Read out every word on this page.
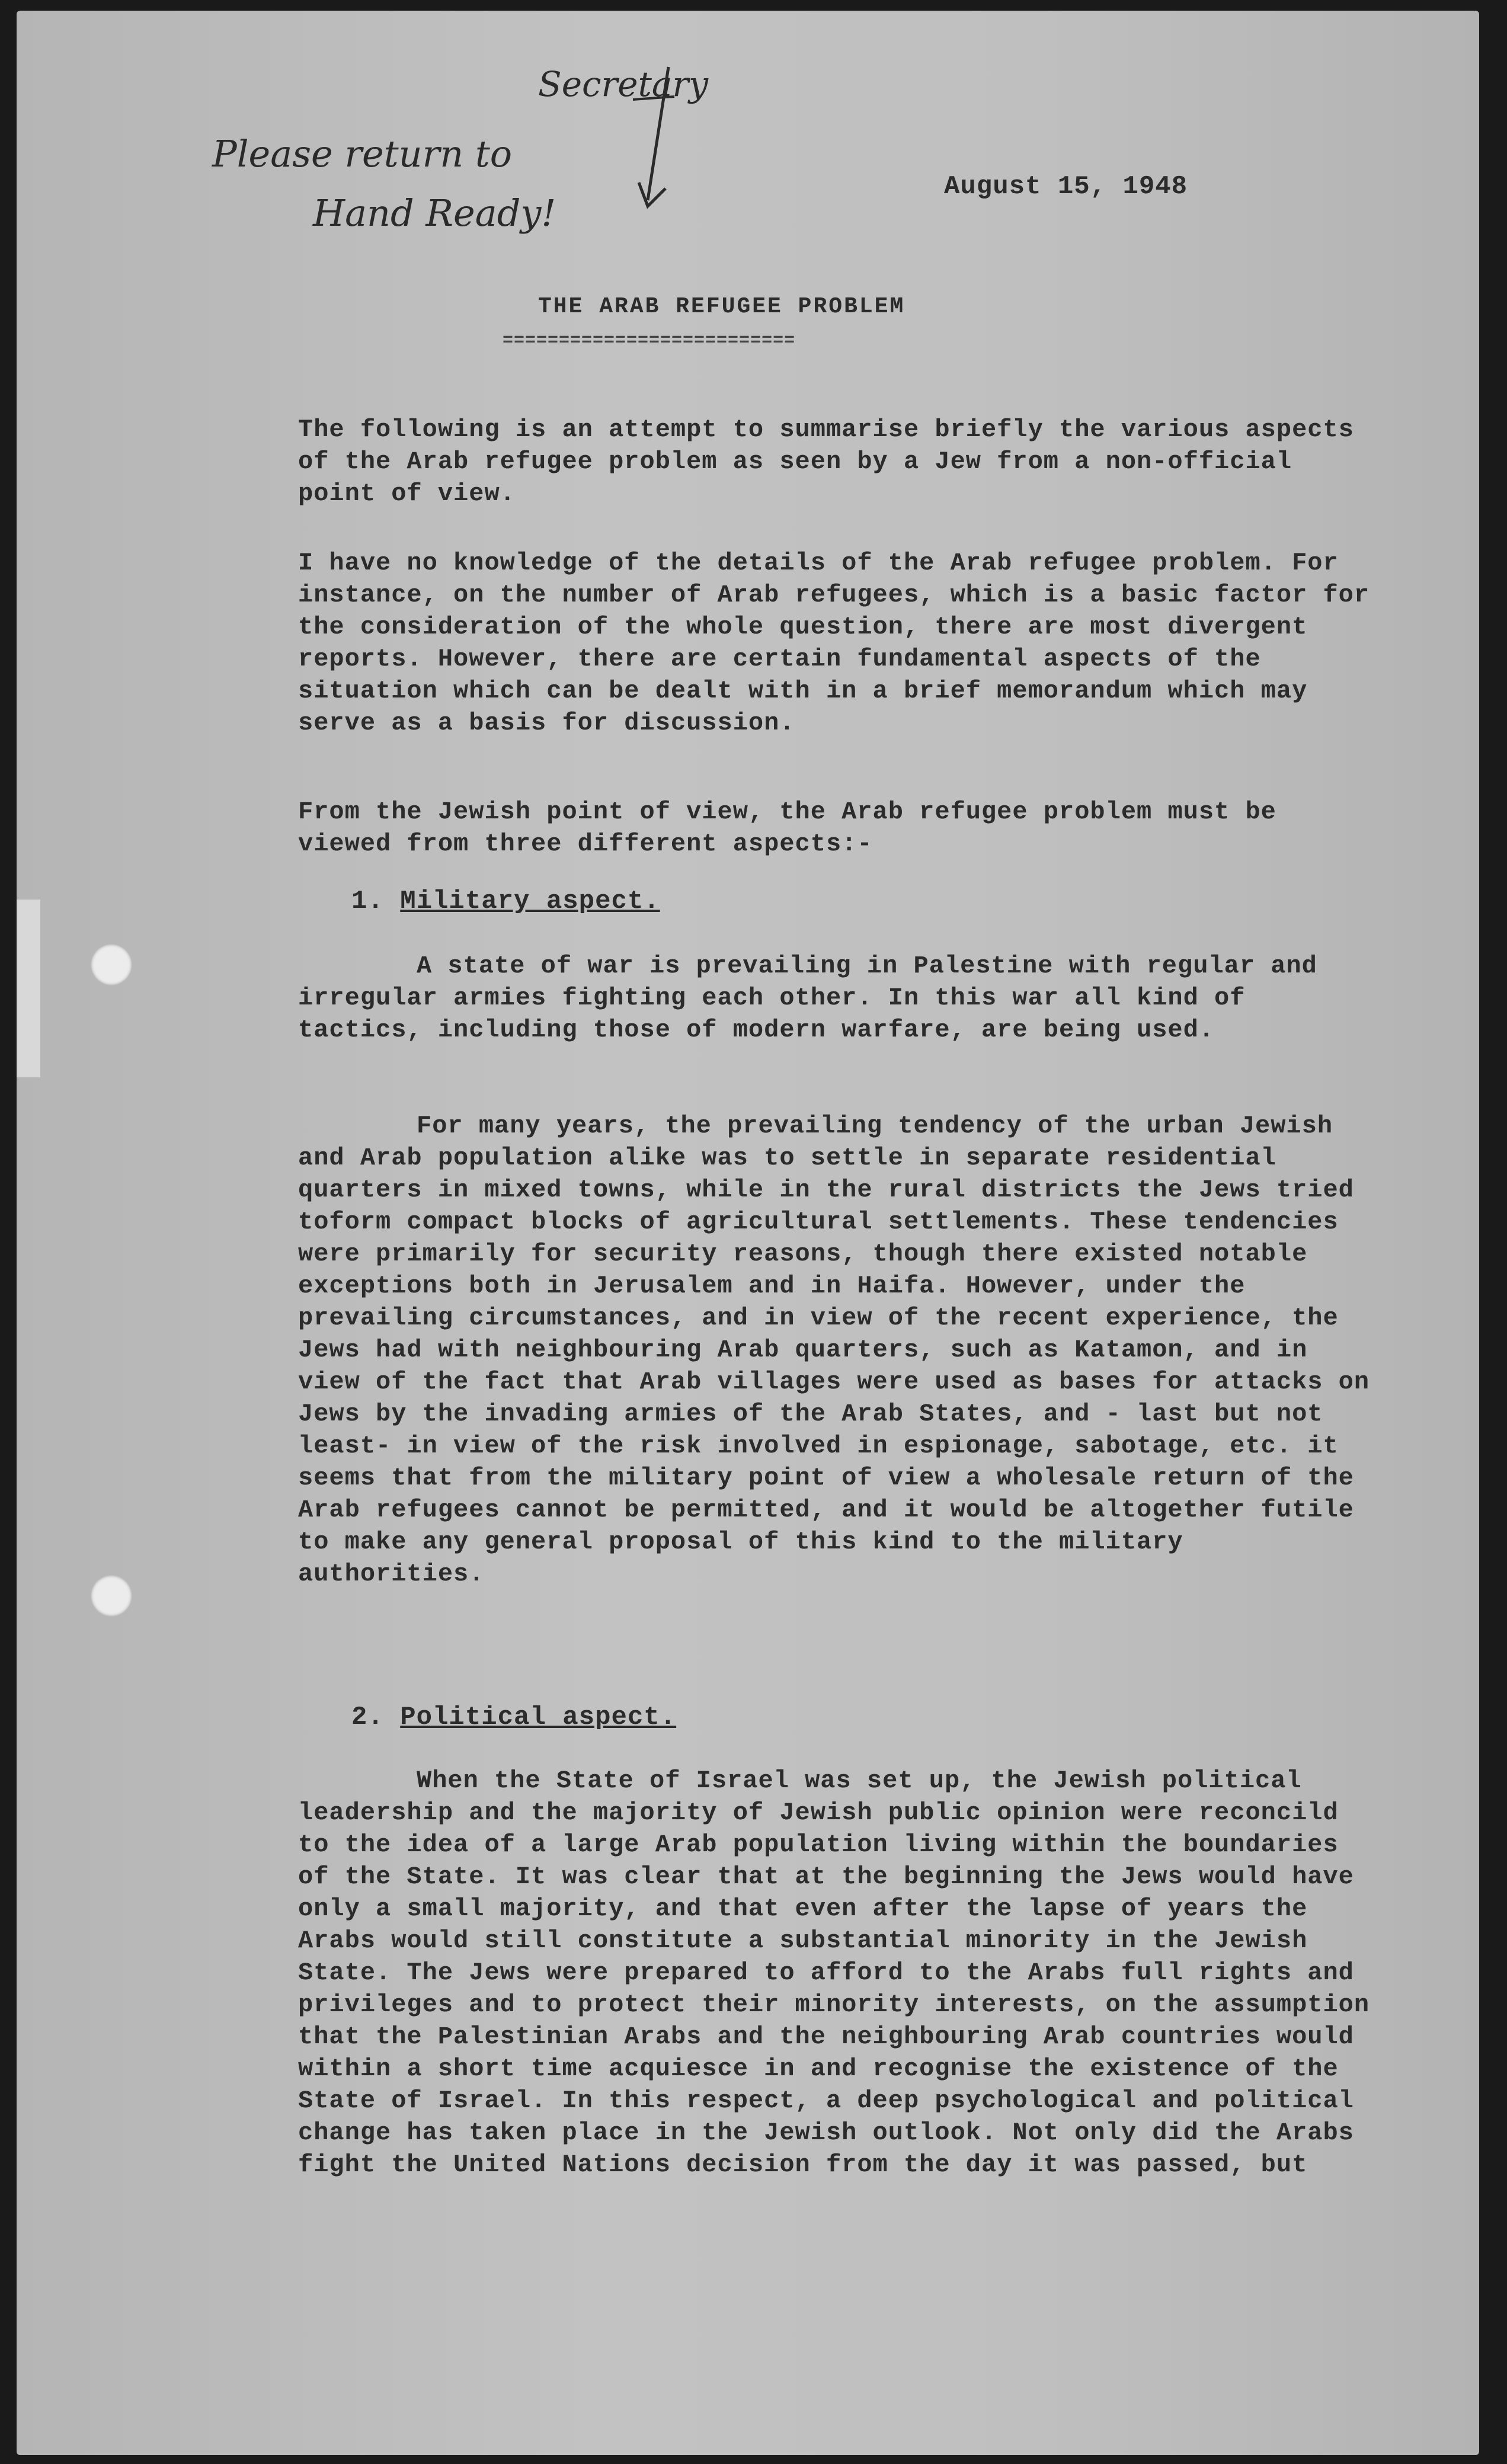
Secretary
Please return to
Hand Ready!
August 15, 1948
THE ARAB REFUGEE PROBLEM
==========================

The following is an attempt to summarise briefly the various aspects of the Arab refugee problem as seen by a Jew from a non-official point of view.

I have no knowledge of the details of the Arab refugee problem. For instance, on the number of Arab refugees, which is a basic factor for the consideration of the whole question, there are most divergent reports. However, there are certain fundamental aspects of the situation which can be dealt with in a brief memorandum which may serve as a basis for discussion.

From the Jewish point of view, the Arab refugee problem must be viewed from three different aspects:-

1. Military aspect.

A state of war is prevailing in Palestine with regular and irregular armies fighting each other. In this war all kind of tactics, including those of modern warfare, are being used.

For many years, the prevailing tendency of the urban Jewish and Arab population alike was to settle in separate residential quarters in mixed towns, while in the rural districts the Jews tried toform compact blocks of agricultural settlements. These tendencies were primarily for security reasons, though there existed notable exceptions both in Jerusalem and in Haifa. However, under the prevailing circumstances, and in view of the recent experience, the Jews had with neighbouring Arab quarters, such as Katamon, and in view of the fact that Arab villages were used as bases for attacks on Jews by the invading armies of the Arab States, and - last but not least- in view of the risk involved in espionage, sabotage, etc. it seems that from the military point of view a wholesale return of the Arab refugees cannot be permitted, and it would be altogether futile to make any general proposal of this kind to the military authorities.

2. Political aspect.

When the State of Israel was set up, the Jewish political leadership and the majority of Jewish public opinion were reconcild to the idea of a large Arab population living within the boundaries of the State. It was clear that at the beginning the Jews would have only a small majority, and that even after the lapse of years the Arabs would still constitute a substantial minority in the Jewish State. The Jews were prepared to afford to the Arabs full rights and privileges and to protect their minority interests, on the assumption that the Palestinian Arabs and the neighbouring Arab countries would within a short time acquiesce in and recognise the existence of the State of Israel. In this respect, a deep psychological and political change has taken place in the Jewish outlook. Not only did the Arabs fight the United Nations decision from the day it was passed, but
